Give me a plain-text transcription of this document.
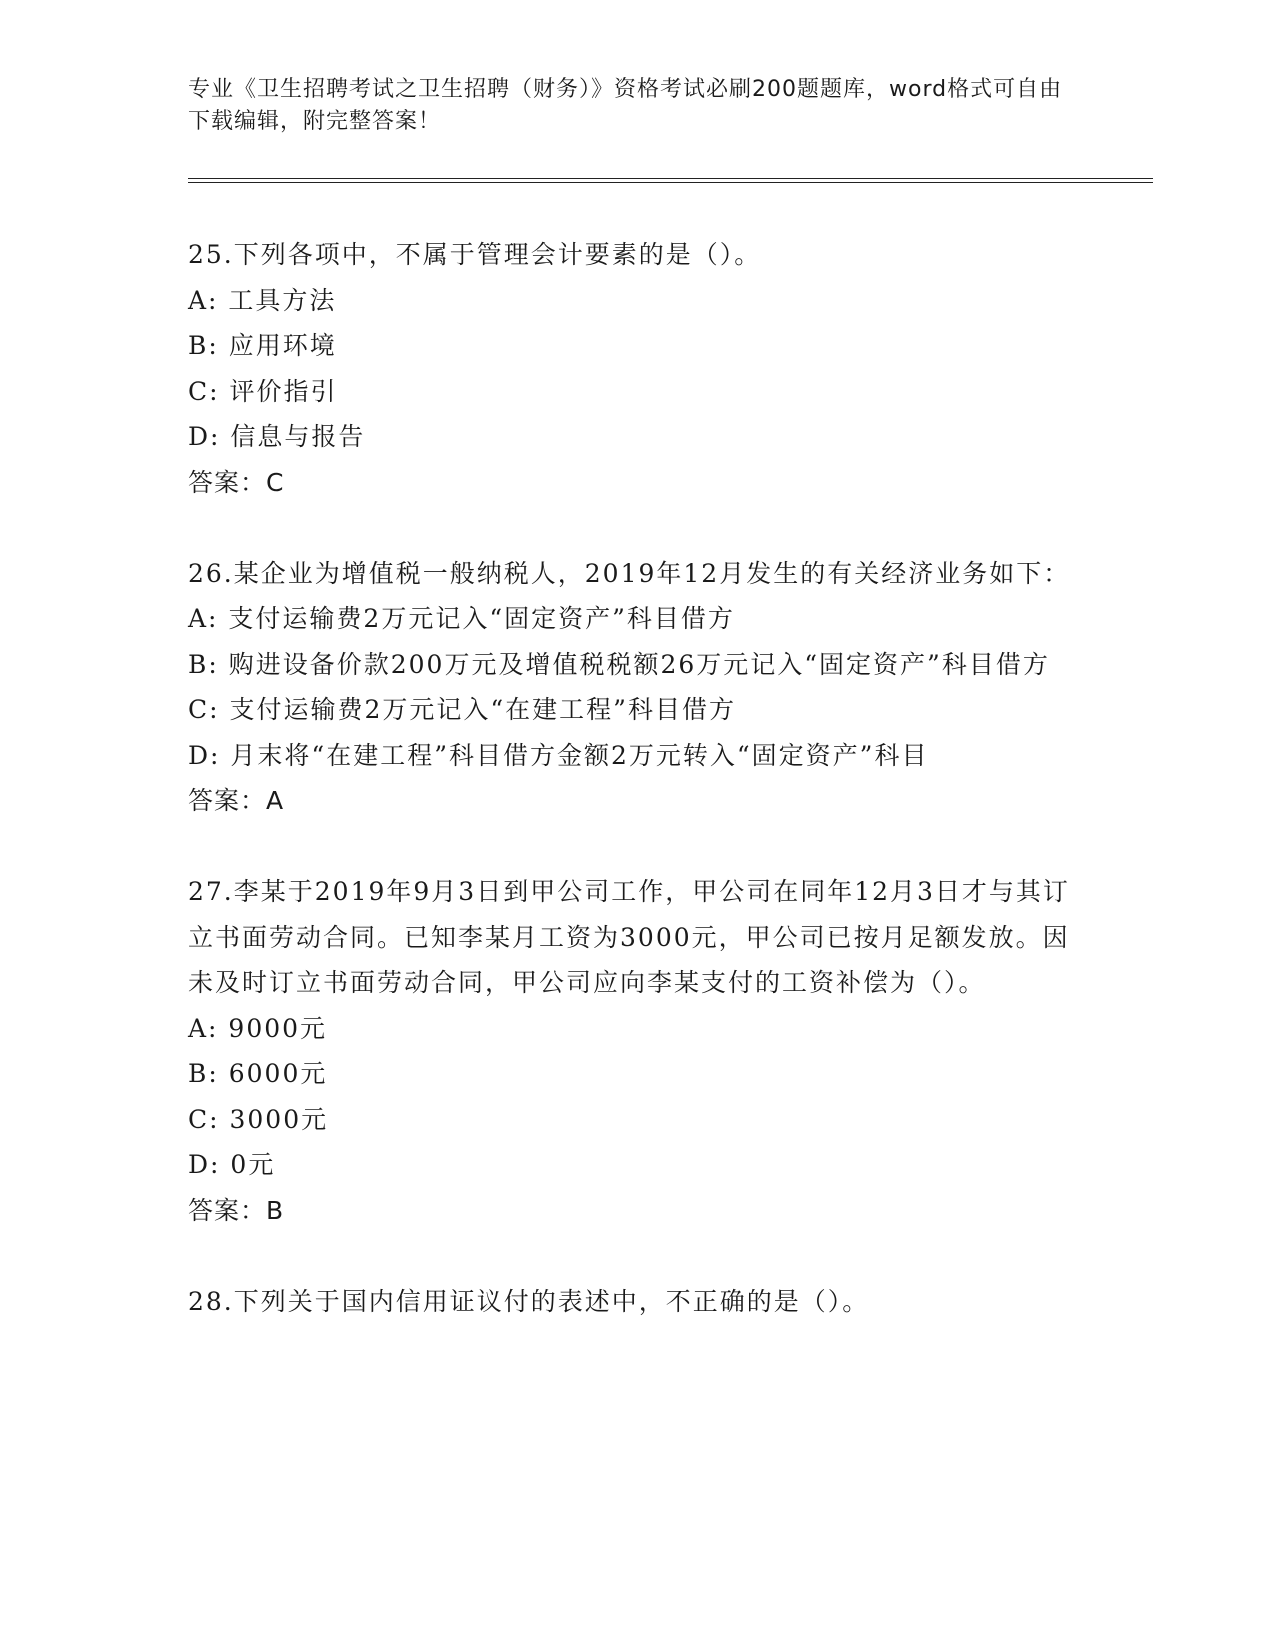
专业《卫生招聘考试之卫生招聘（财务）》资格考试必刷200题题库，word格式可自由下载编辑，附完整答案！

25.下列各项中，不属于管理会计要素的是（）。

A: 工具方法

B: 应用环境

C: 评价指引

D: 信息与报告

答案：C

26.某企业为增值税一般纳税人，2019年12月发生的有关经济业务如下：

A: 支付运输费2万元记入“固定资产”科目借方

B: 购进设备价款200万元及增值税税额26万元记入“固定资产”科目借方

C: 支付运输费2万元记入“在建工程”科目借方

D: 月末将“在建工程”科目借方金额2万元转入“固定资产”科目

答案：A

27.李某于2019年9月3日到甲公司工作，甲公司在同年12月3日才与其订立书面劳动合同。已知李某月工资为3000元，甲公司已按月足额发放。因未及时订立书面劳动合同，甲公司应向李某支付的工资补偿为（）。

A: 9000元

B: 6000元

C: 3000元

D: 0元

答案：B

28.下列关于国内信用证议付的表述中，不正确的是（）。
